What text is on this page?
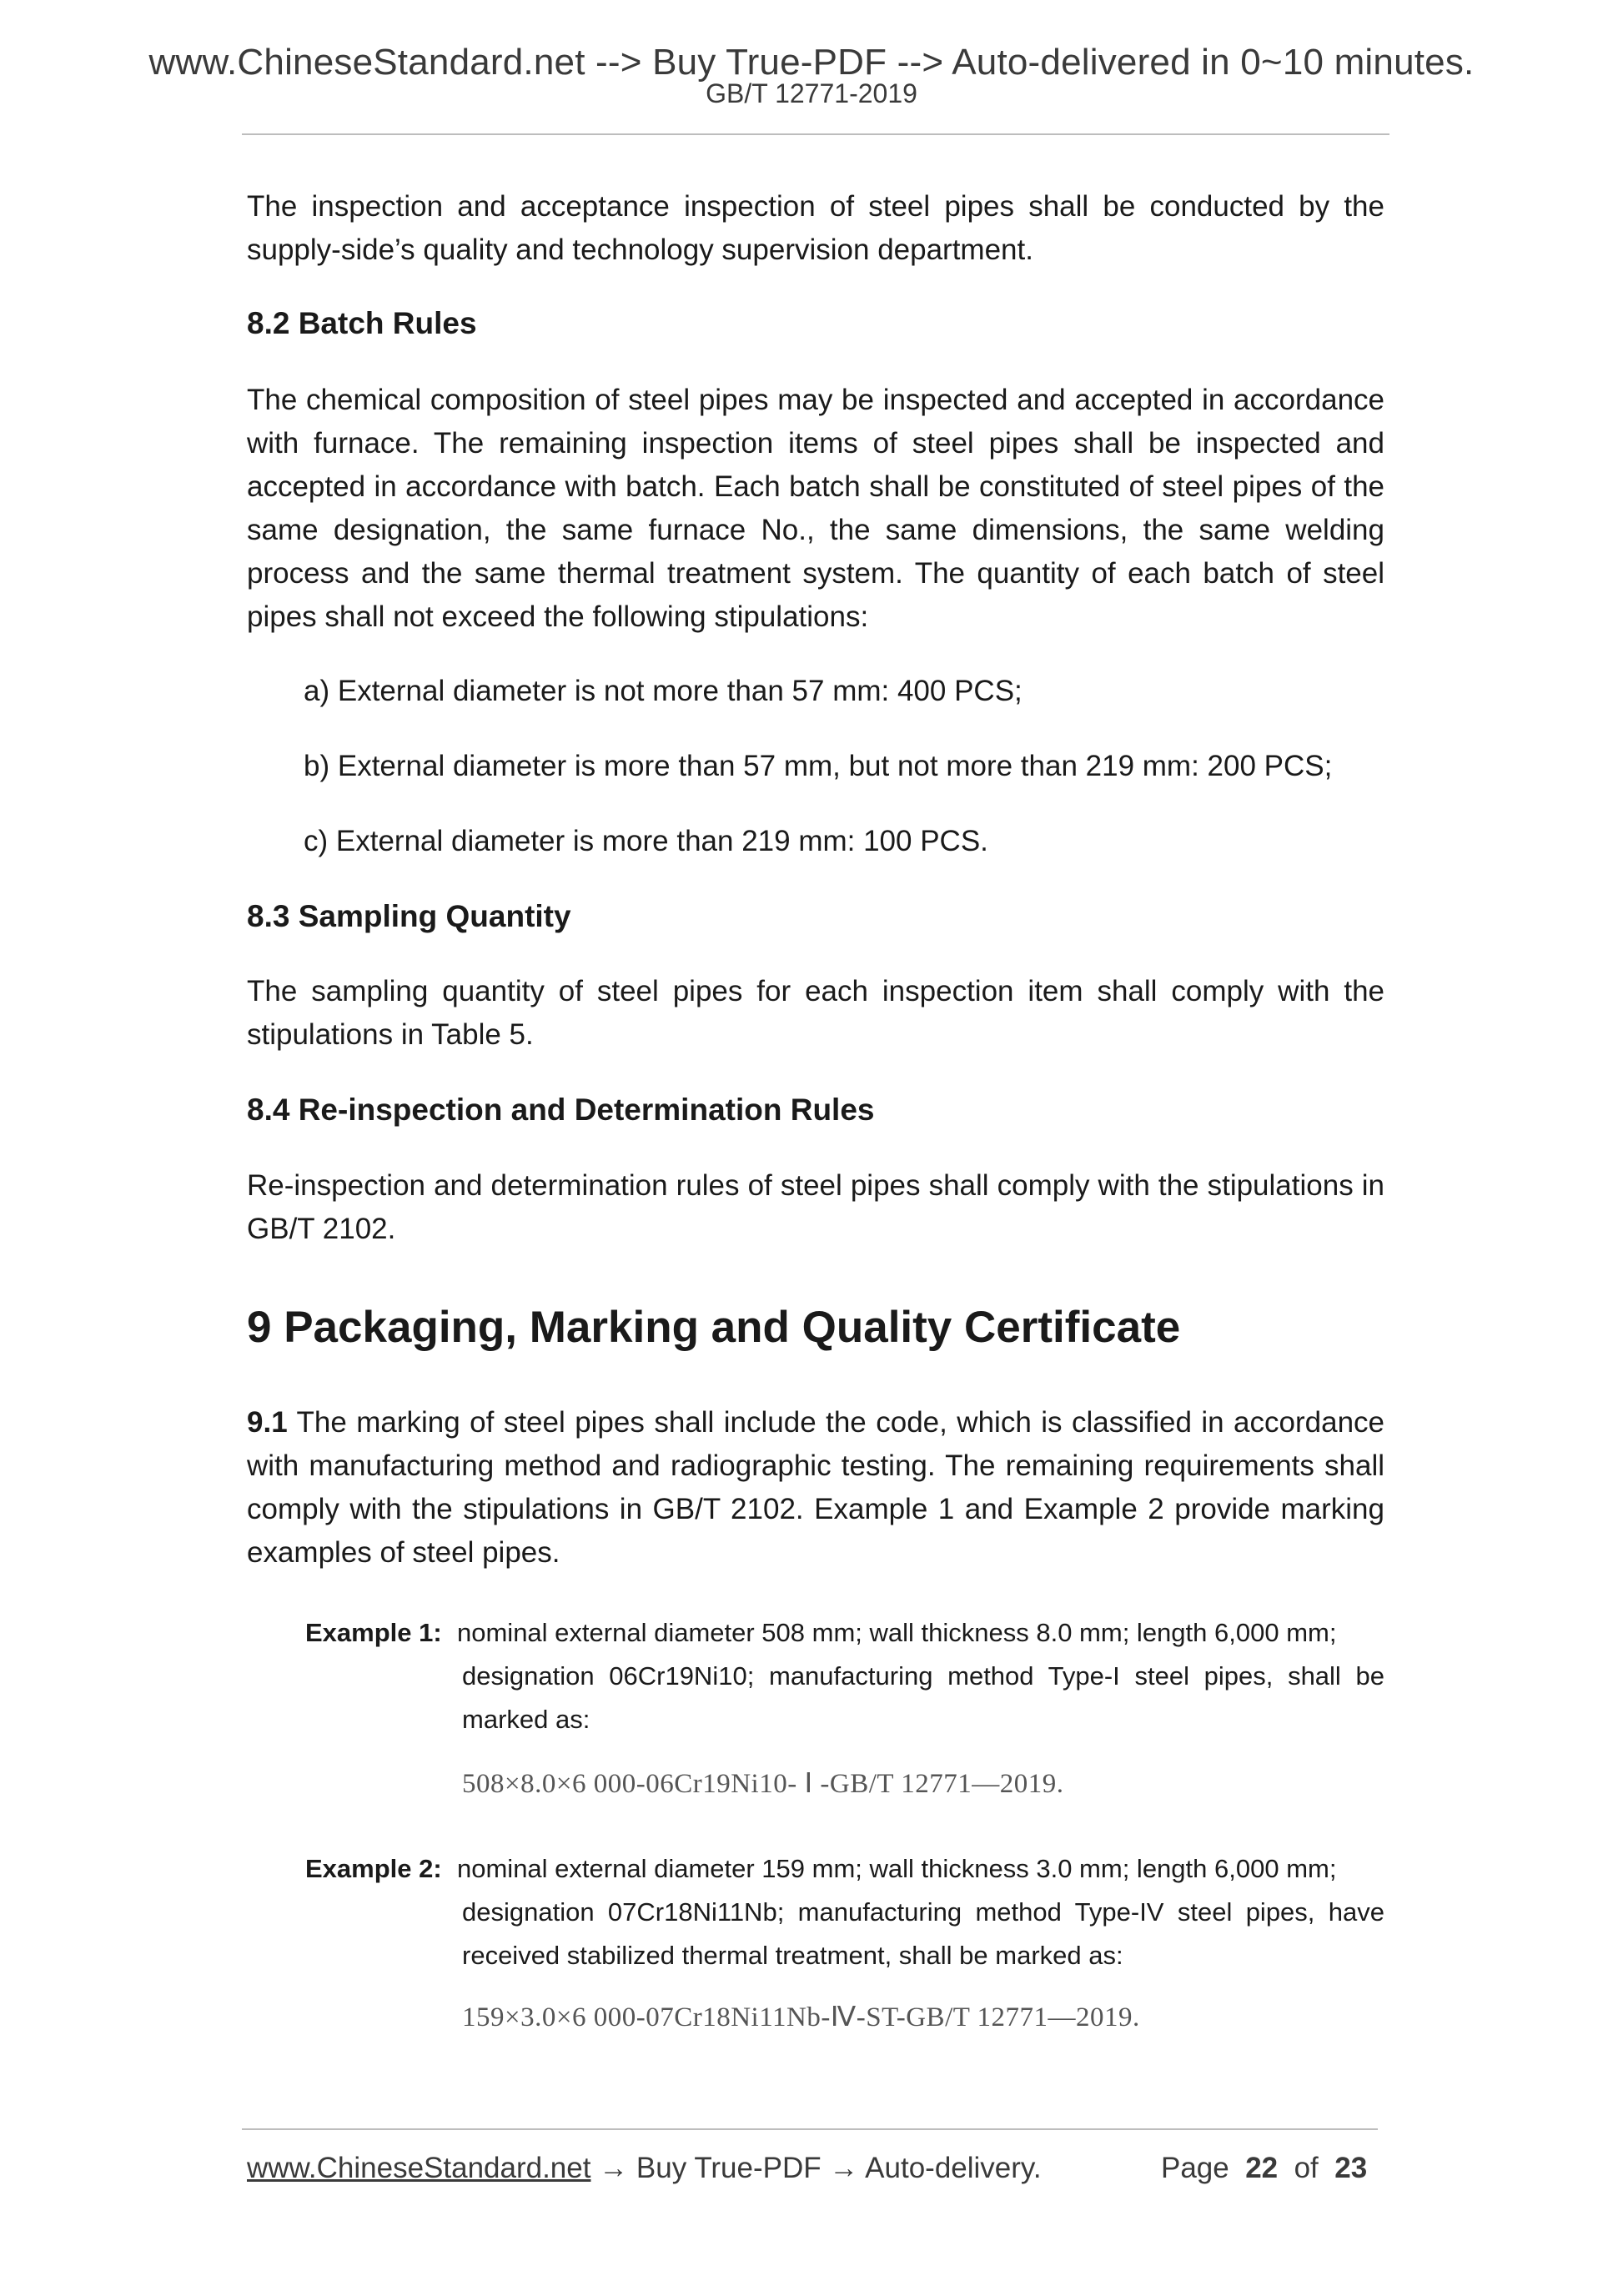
www.ChineseStandard.net --> Buy True-PDF --> Auto-delivered in 0~10 minutes.
GB/T 12771-2019

The inspection and acceptance inspection of steel pipes shall be conducted by the supply-side’s quality and technology supervision department.

8.2 Batch Rules

The chemical composition of steel pipes may be inspected and accepted in accordance with furnace. The remaining inspection items of steel pipes shall be inspected and accepted in accordance with batch. Each batch shall be constituted of steel pipes of the same designation, the same furnace No., the same dimensions, the same welding process and the same thermal treatment system. The quantity of each batch of steel pipes shall not exceed the following stipulations:

a) External diameter is not more than 57 mm: 400 PCS;
b) External diameter is more than 57 mm, but not more than 219 mm: 200 PCS;
c) External diameter is more than 219 mm: 100 PCS.
8.3 Sampling Quantity

The sampling quantity of steel pipes for each inspection item shall comply with the stipulations in Table 5.

8.4 Re-inspection and Determination Rules

Re-inspection and determination rules of steel pipes shall comply with the stipulations in GB/T 2102.

9 Packaging, Marking and Quality Certificate

9.1 The marking of steel pipes shall include the code, which is classified in accordance with manufacturing method and radiographic testing. The remaining requirements shall comply with the stipulations in GB/T 2102. Example 1 and Example 2 provide marking examples of steel pipes.

Example 1: nominal external diameter 508 mm; wall thickness 8.0 mm; length 6,000 mm;

designation 06Cr19Ni10; manufacturing method Type-I steel pipes, shall be marked as:

508×8.0×6 000-06Cr19Ni10- Ⅰ -GB/T 12771—2019.
Example 2: nominal external diameter 159 mm; wall thickness 3.0 mm; length 6,000 mm;

designation 07Cr18Ni11Nb; manufacturing method Type-IV steel pipes, have received stabilized thermal treatment, shall be marked as:

159×3.0×6 000-07Cr18Ni11Nb-Ⅳ-ST-GB/T 12771—2019.
www.ChineseStandard.net → Buy True-PDF → Auto-delivery.	Page 22 of 23
